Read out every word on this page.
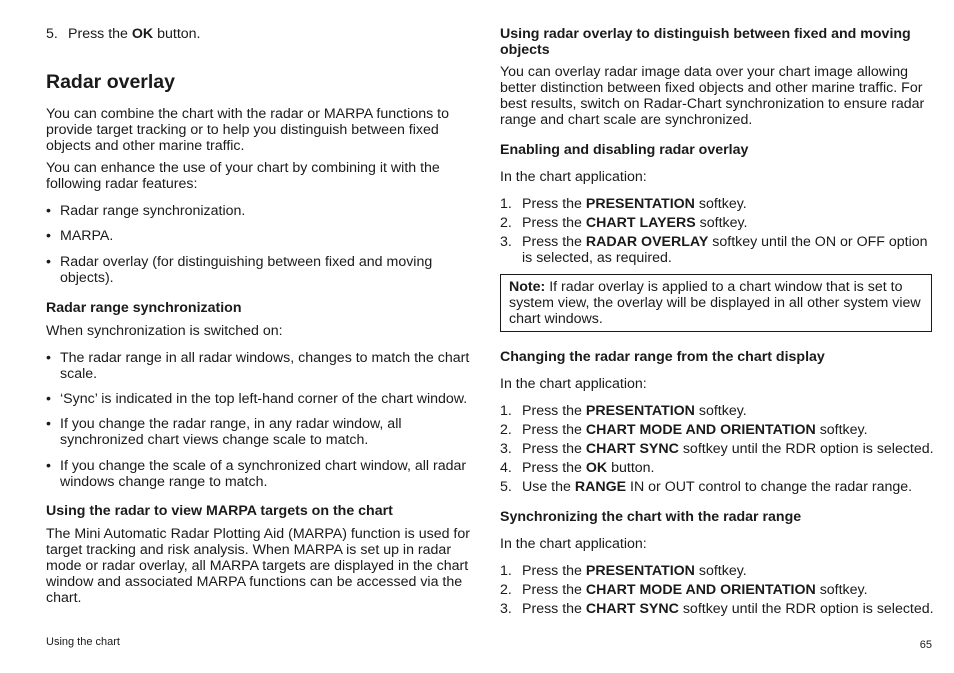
5. Press the OK button.

Radar overlay

You can combine the chart with the radar or MARPA functions to provide target tracking or to help you distinguish between fixed objects and other marine traffic.

You can enhance the use of your chart by combining it with the following radar features:

• Radar range synchronization.

• MARPA.

• Radar overlay (for distinguishing between fixed and moving objects).

Radar range synchronization

When synchronization is switched on:

• The radar range in all radar windows, changes to match the chart scale.

• ‘Sync’ is indicated in the top left-hand corner of the chart window.

• If you change the radar range, in any radar window, all synchronized chart views change scale to match.

• If you change the scale of a synchronized chart window, all radar windows change range to match.

Using the radar to view MARPA targets on the chart

The Mini Automatic Radar Plotting Aid (MARPA) function is used for target tracking and risk analysis. When MARPA is set up in radar mode or radar overlay, all MARPA targets are displayed in the chart window and associated MARPA functions can be accessed via the chart.

Using radar overlay to distinguish between fixed and moving objects

You can overlay radar image data over your chart image allowing better distinction between fixed objects and other marine traffic. For best results, switch on Radar-Chart synchronization to ensure radar range and chart scale are synchronized.

Enabling and disabling radar overlay

In the chart application:

1. Press the PRESENTATION softkey.

2. Press the CHART LAYERS softkey.

3. Press the RADAR OVERLAY softkey until the ON or OFF option is selected, as required.

Note: If radar overlay is applied to a chart window that is set to system view, the overlay will be displayed in all other system view chart windows.
Changing the radar range from the chart display

In the chart application:

1. Press the PRESENTATION softkey.

2. Press the CHART MODE AND ORIENTATION softkey.

3. Press the CHART SYNC softkey until the RDR option is selected.

4. Press the OK button.

5. Use the RANGE IN or OUT control to change the radar range.

Synchronizing the chart with the radar range

In the chart application:

1. Press the PRESENTATION softkey.

2. Press the CHART MODE AND ORIENTATION softkey.

3. Press the CHART SYNC softkey until the RDR option is selected.

Using the chart	65
